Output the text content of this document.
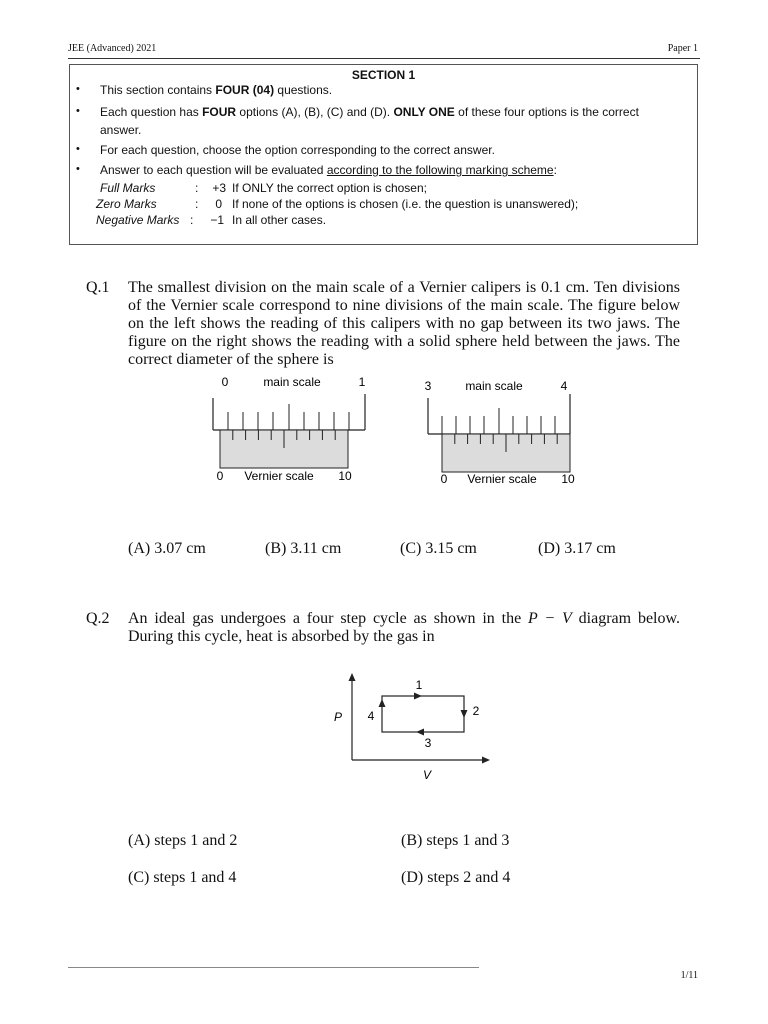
JEE (Advanced) 2021	Paper 1
SECTION 1
• This section contains FOUR (04) questions.
• Each question has FOUR options (A), (B), (C) and (D). ONLY ONE of these four options is the correct answer.
• For each question, choose the option corresponding to the correct answer.
• Answer to each question will be evaluated according to the following marking scheme:
Full Marks	:	+3 If ONLY the correct option is chosen;
Zero Marks	:	0 If none of the options is chosen (i.e. the question is unanswered);
Negative Marks :	−1 In all other cases.
Q.1 The smallest division on the main scale of a Vernier calipers is 0.1 cm. Ten divisions of the Vernier scale correspond to nine divisions of the main scale. The figure below on the left shows the reading of this calipers with no gap between its two jaws. The figure on the right shows the reading with a solid sphere held between the jaws. The correct diameter of the sphere is
0	main scale	1
0 Vernier scale 10
3	main scale	4
0 Vernier scale 10
(A) 3.07 cm	(B) 3.11 cm	(C) 3.15 cm	(D) 3.17 cm
Q.2 An ideal gas undergoes a four step cycle as shown in the P − V diagram below. During this cycle, heat is absorbed by the gas in
1
2
3
4
P
V
(A) steps 1 and 2	(B) steps 1 and 3
(C) steps 1 and 4	(D) steps 2 and 4
1/11
